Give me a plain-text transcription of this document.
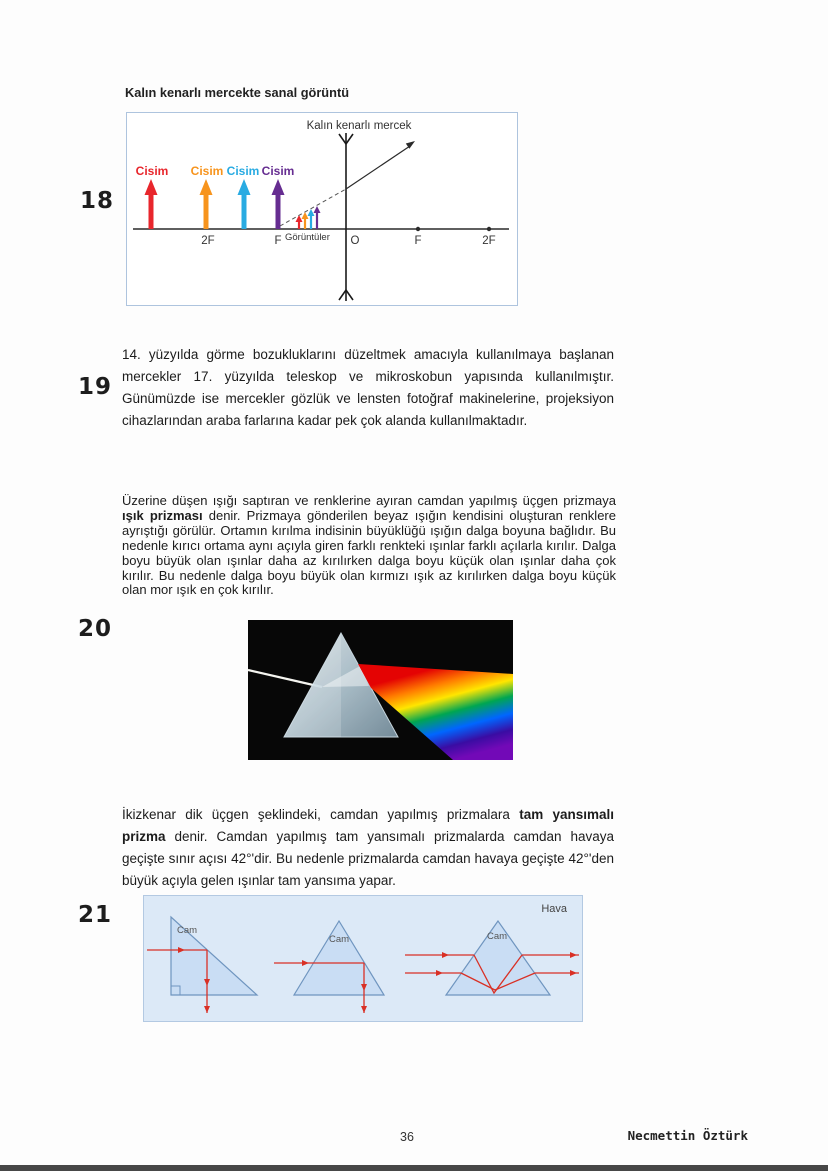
18
Kalın kenarlı mercekte sanal görüntü
Kalın kenarlı mercek
Cisim Cisim Cisim Cisim
2F	F	O	F	2F
Görüntüler
19

14. yüzyılda görme bozukluklarını düzeltmek amacıyla kullanılmaya başlanan mercekler 17. yüzyılda teleskop ve mikroskobun yapısında kullanılmıştır. Günümüzde ise mercekler gözlük ve lensten fotoğraf makinelerine, projeksiyon cihazlarından araba farlarına kadar pek çok alanda kullanılmaktadır.

20

Üzerine düşen ışığı saptıran ve renklerine ayıran camdan yapılmış üçgen prizmaya ışık prizması denir. Prizmaya gönderilen beyaz ışığın kendisini oluşturan renklere ayrıştığı görülür. Ortamın kırılma indisinin büyüklüğü ışığın dalga boyuna bağlıdır. Bu nedenle kırıcı ortama aynı açıyla giren farklı renkteki ışınlar farklı açılarla kırılır. Dalga boyu büyük olan ışınlar daha az kırılırken dalga boyu küçük olan ışınlar daha çok kırılır. Bu nedenle dalga boyu büyük olan kırmızı ışık az kırılırken dalga boyu küçük olan mor ışık en çok kırılır.

21

İkizkenar dik üçgen şeklindeki, camdan yapılmış prizmalara tam yansımalı prizma denir. Camdan yapılmış tam yansımalı prizmalarda camdan havaya geçişte sınır açısı 42°'dir. Bu nedenle prizmalarda camdan havaya geçişte 42°'den büyük açıyla gelen ışınlar tam yansıma yapar.

Hava
Cam
Cam	Cam
36	Necmettin Öztürk
